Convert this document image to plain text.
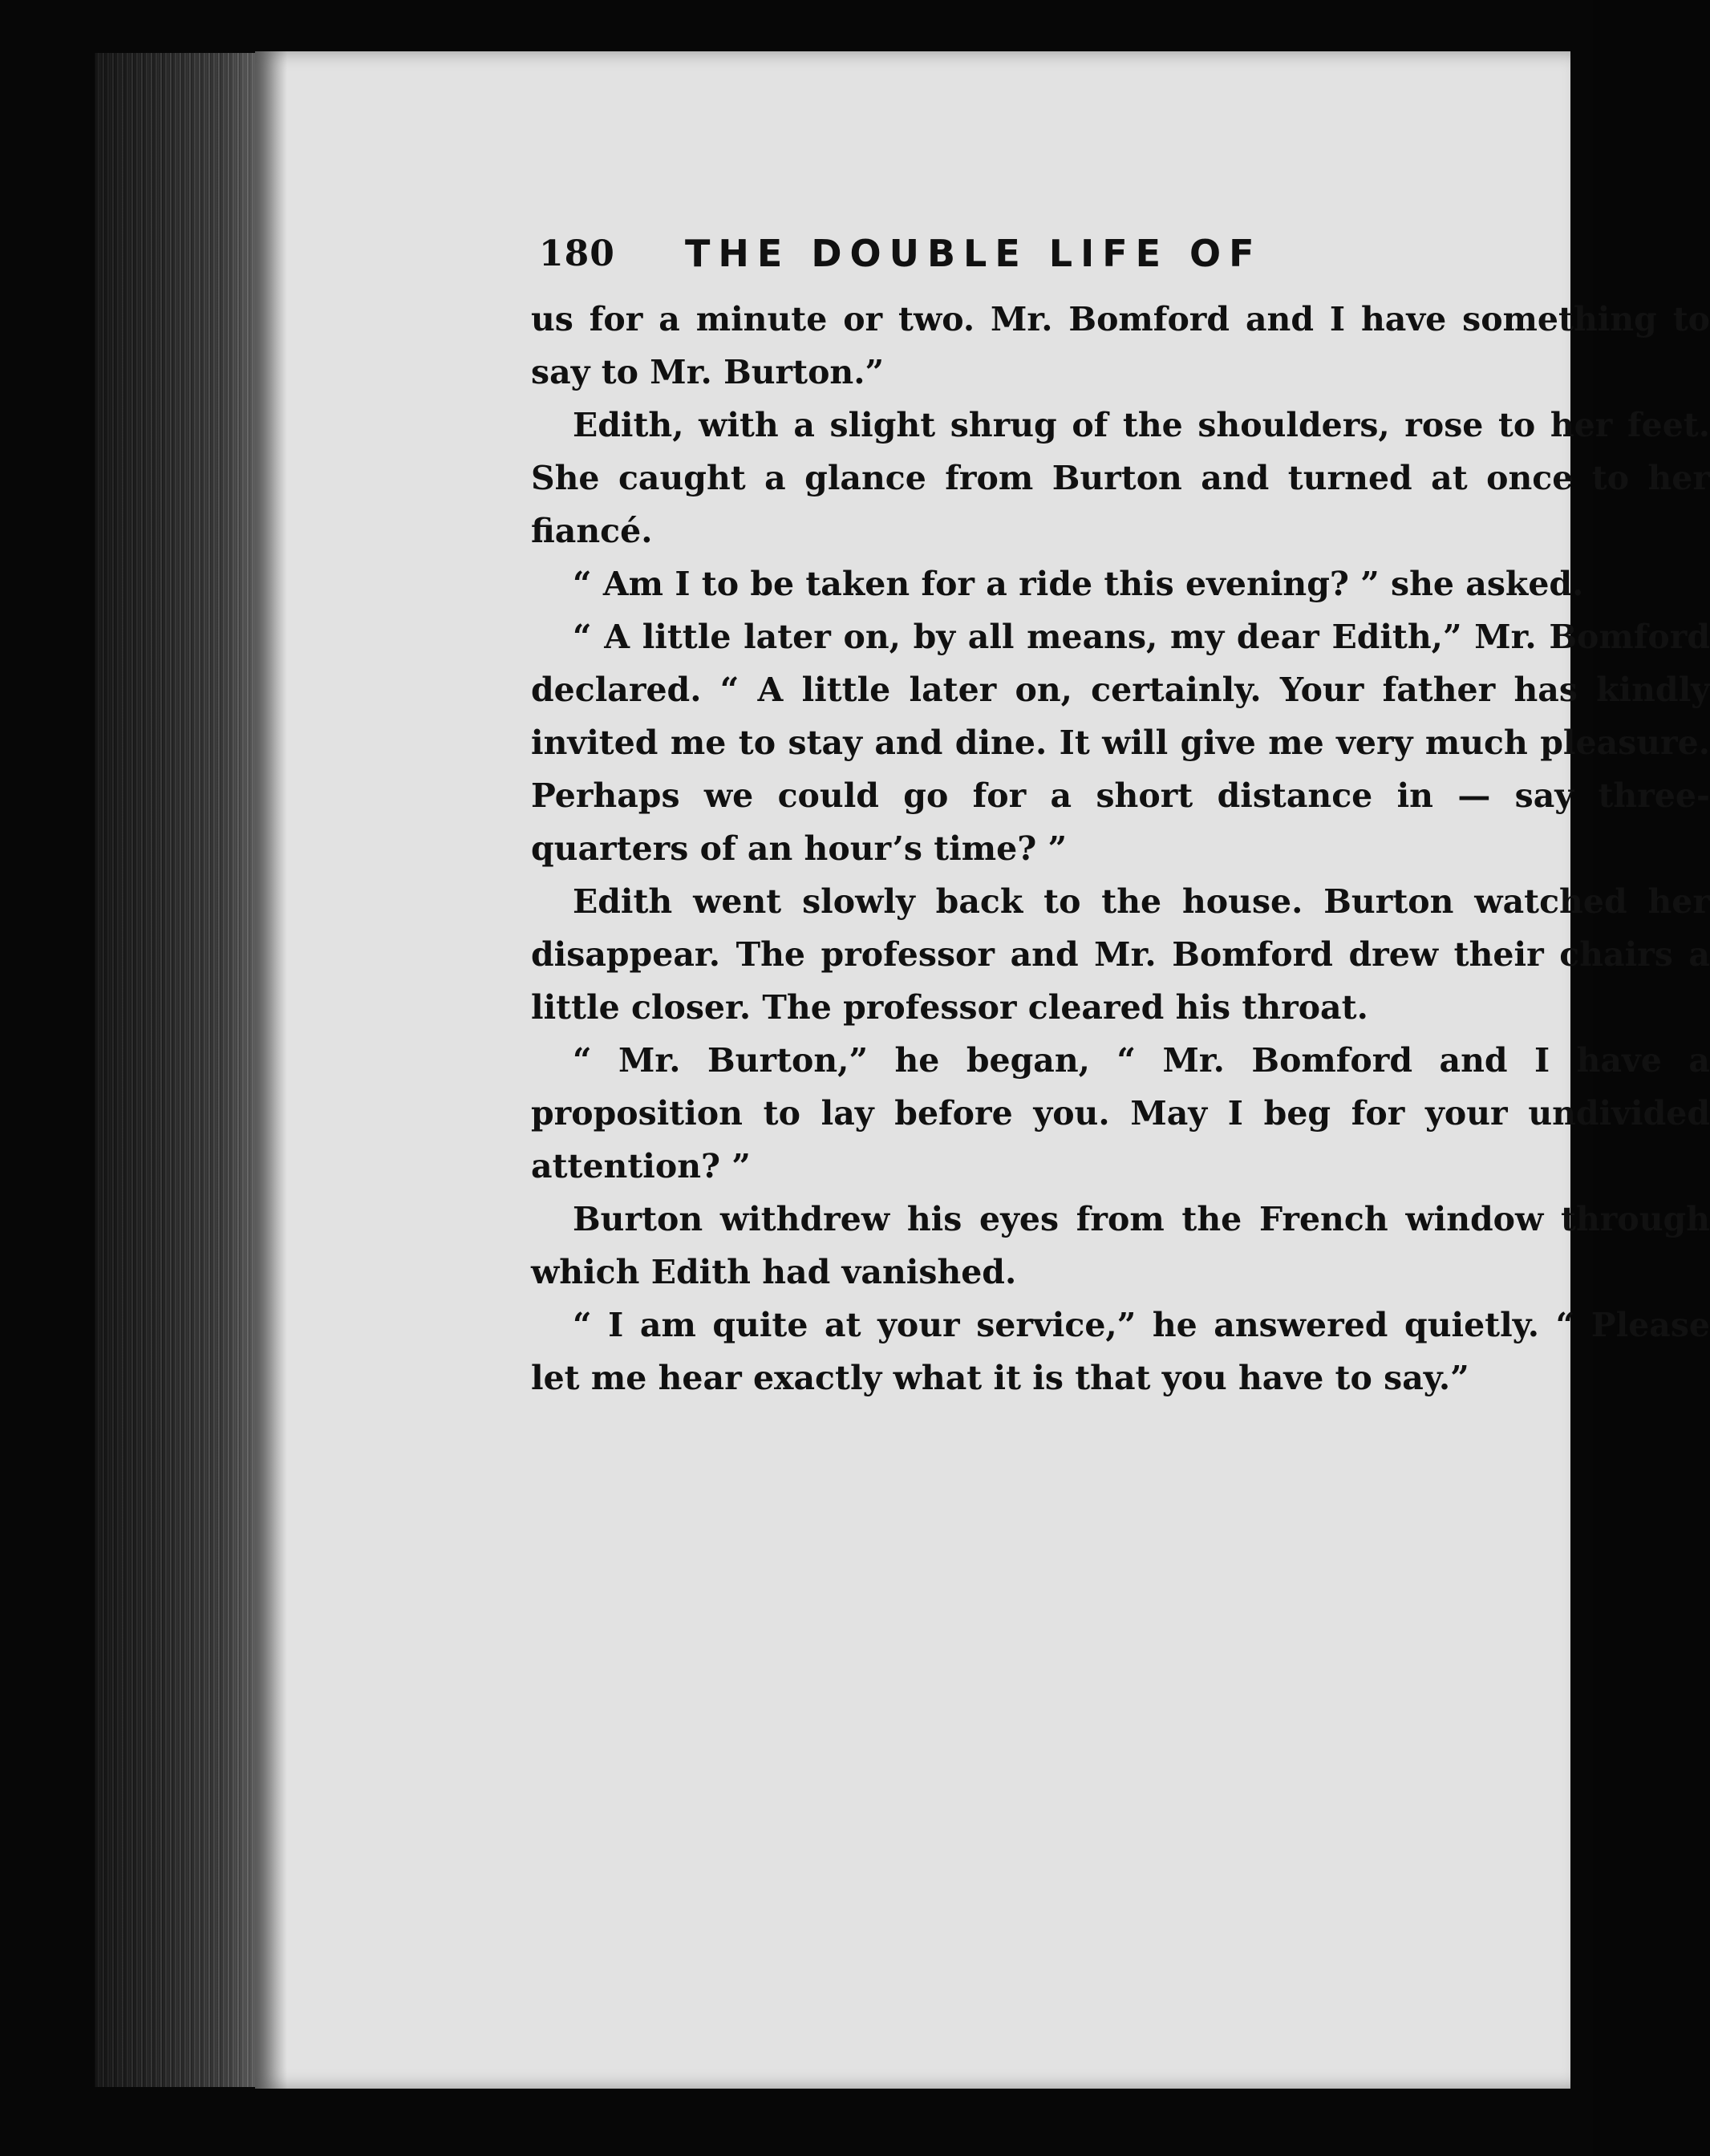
180 THE DOUBLE LIFE OF

us for a minute or two. Mr. Bomford and I have something to say to Mr. Burton.”

Edith, with a slight shrug of the shoulders, rose to her feet. She caught a glance from Burton and turned at once to her fiancé.

“ Am I to be taken for a ride this evening? ” she asked.

“ A little later on, by all means, my dear Edith,” Mr. Bomford declared. “ A little later on, certainly. Your father has kindly invited me to stay and dine. It will give me very much pleasure. Perhaps we could go for a short distance in — say three-quarters of an hour’s time? ”

Edith went slowly back to the house. Burton watched her disappear. The professor and Mr. Bomford drew their chairs a little closer. The professor cleared his throat.

“ Mr. Burton,” he began, “ Mr. Bomford and I have a proposition to lay before you. May I beg for your undivided attention? ”

Burton withdrew his eyes from the French window through which Edith had vanished.

“ I am quite at your service,” he answered quietly. “ Please let me hear exactly what it is that you have to say.”
